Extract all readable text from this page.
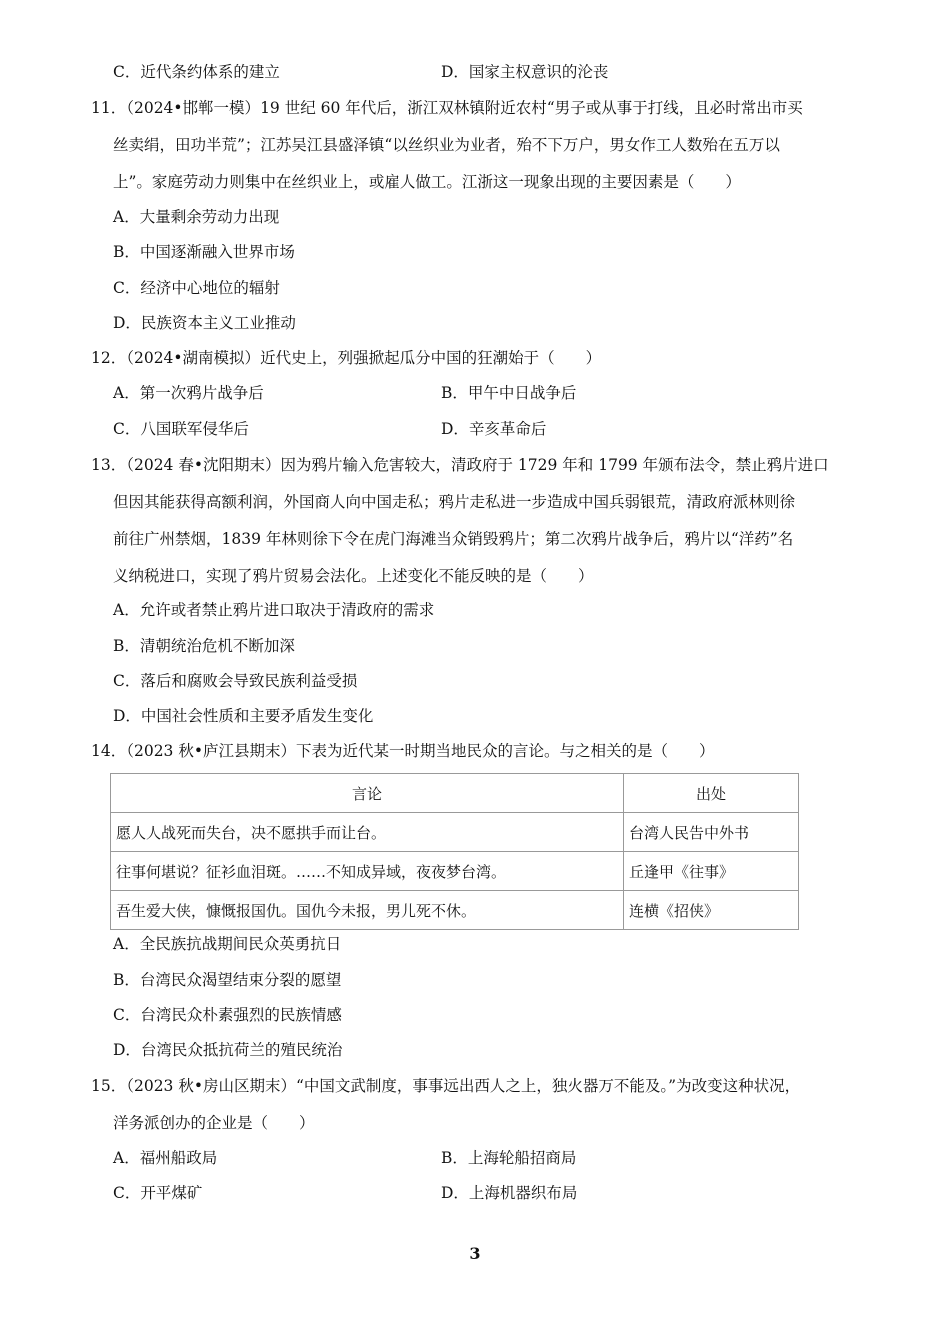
C．近代条约体系的建立	D．国家主权意识的沦丧
11．（2024•邯郸一模）19 世纪 60 年代后，浙江双林镇附近农村“男子或从事于打线，且必时常出市买
丝卖绢，田功半荒”；江苏吴江县盛泽镇“以丝织业为业者，殆不下万户，男女作工人数殆在五万以
上”。家庭劳动力则集中在丝织业上，或雇人做工。江浙这一现象出现的主要因素是（　　）
A．大量剩余劳动力出现
B．中国逐渐融入世界市场
C．经济中心地位的辐射
D．民族资本主义工业推动
12．（2024•湖南模拟）近代史上，列强掀起瓜分中国的狂潮始于（　　）
A．第一次鸦片战争后	B．甲午中日战争后
C．八国联军侵华后	D．辛亥革命后
13．（2024 春•沈阳期末）因为鸦片输入危害较大，清政府于 1729 年和 1799 年颁布法令，禁止鸦片进口
但因其能获得高额利润，外国商人向中国走私；鸦片走私进一步造成中国兵弱银荒，清政府派林则徐
前往广州禁烟，1839 年林则徐下令在虎门海滩当众销毁鸦片；第二次鸦片战争后，鸦片以“洋药”名
义纳税进口，实现了鸦片贸易会法化。上述变化不能反映的是（　　）
A．允许或者禁止鸦片进口取决于清政府的需求
B．清朝统治危机不断加深
C．落后和腐败会导致民族利益受损
D．中国社会性质和主要矛盾发生变化
14．（2023 秋•庐江县期末）下表为近代某一时期当地民众的言论。与之相关的是（　　）
言论	出处
愿人人战死而失台，决不愿拱手而让台。	台湾人民告中外书
往事何堪说？征衫血泪斑。……不知成异域，夜夜梦台湾。	丘逢甲《往事》
吾生爱大侠，慷慨报国仇。国仇今未报，男儿死不休。	连横《招侠》
A．全民族抗战期间民众英勇抗日
B．台湾民众渴望结束分裂的愿望
C．台湾民众朴素强烈的民族情感
D．台湾民众抵抗荷兰的殖民统治
15．（2023 秋•房山区期末）“中国文武制度，事事远出西人之上，独火器万不能及。”为改变这种状况，
洋务派创办的企业是（　　）
A．福州船政局	B．上海轮船招商局
C．开平煤矿	D．上海机器织布局
3
